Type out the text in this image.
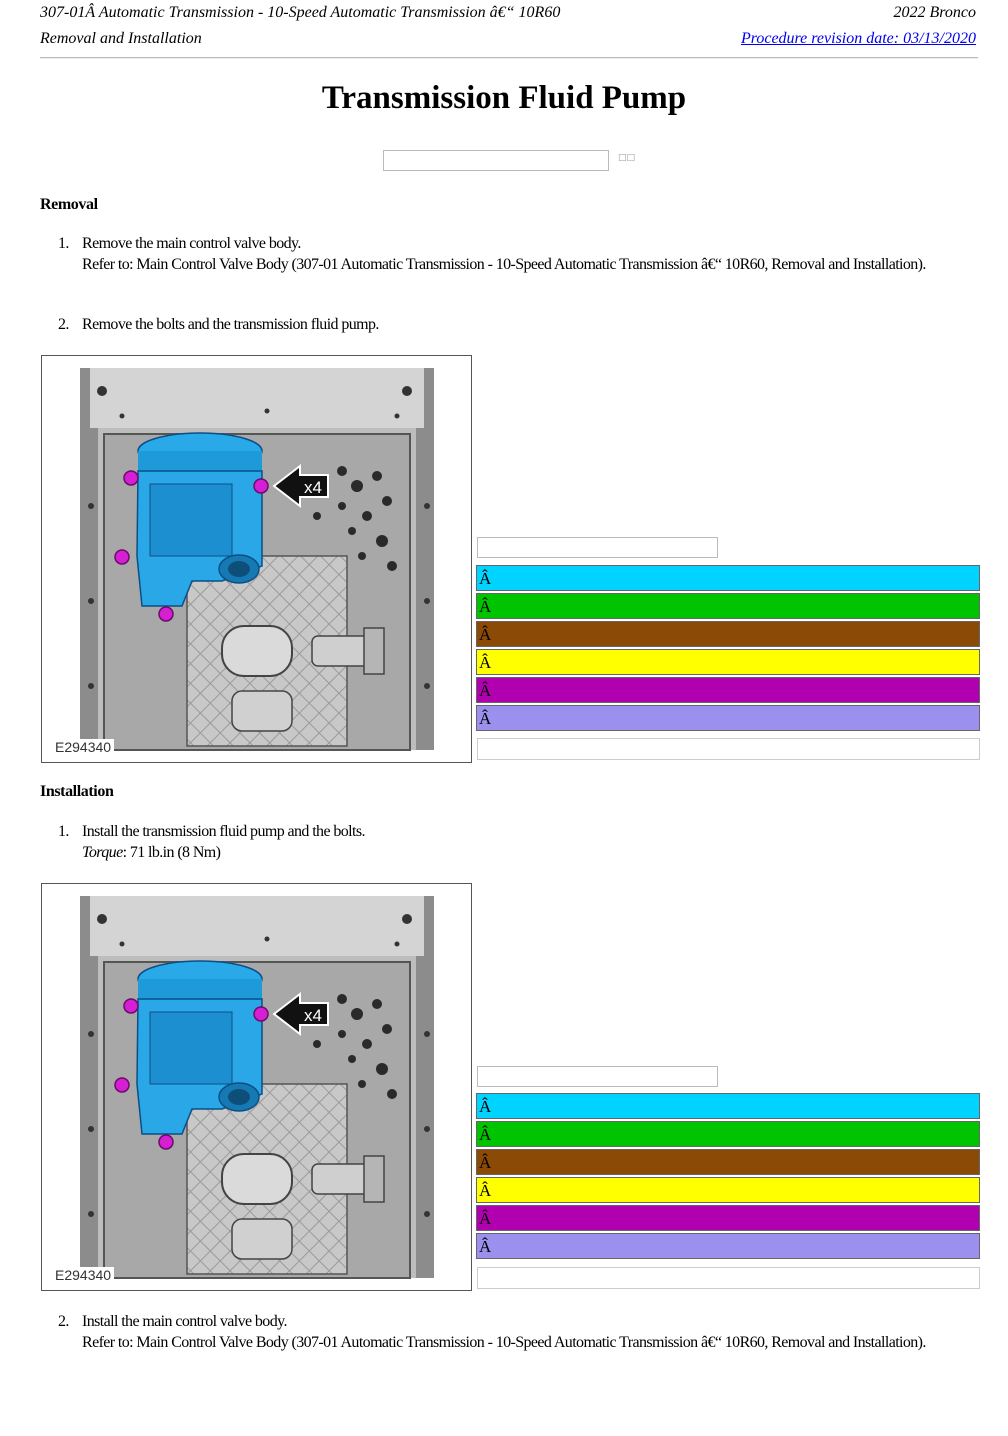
307-01Â Automatic Transmission - 10-Speed Automatic Transmission â€“ 10R60
Removal and Installation
2022 Bronco
Procedure revision date: 03/13/2020
Transmission Fluid Pump
□□
Removal
1. Remove the main control valve body.
Refer to: Main Control Valve Body (307-01 Automatic Transmission - 10-Speed Automatic Transmission â€“ 10R60, Removal and Installation).
2. Remove the bolts and the transmission fluid pump.
x4
E294340
Â
Â
Â
Â
Â
Â
Installation
1. Install the transmission fluid pump and the bolts.
Torque: 71 lb.in (8 Nm)
x4
E294340
Â
Â
Â
Â
Â
Â
2. Install the main control valve body.
Refer to: Main Control Valve Body (307-01 Automatic Transmission - 10-Speed Automatic Transmission â€“ 10R60, Removal and Installation).
